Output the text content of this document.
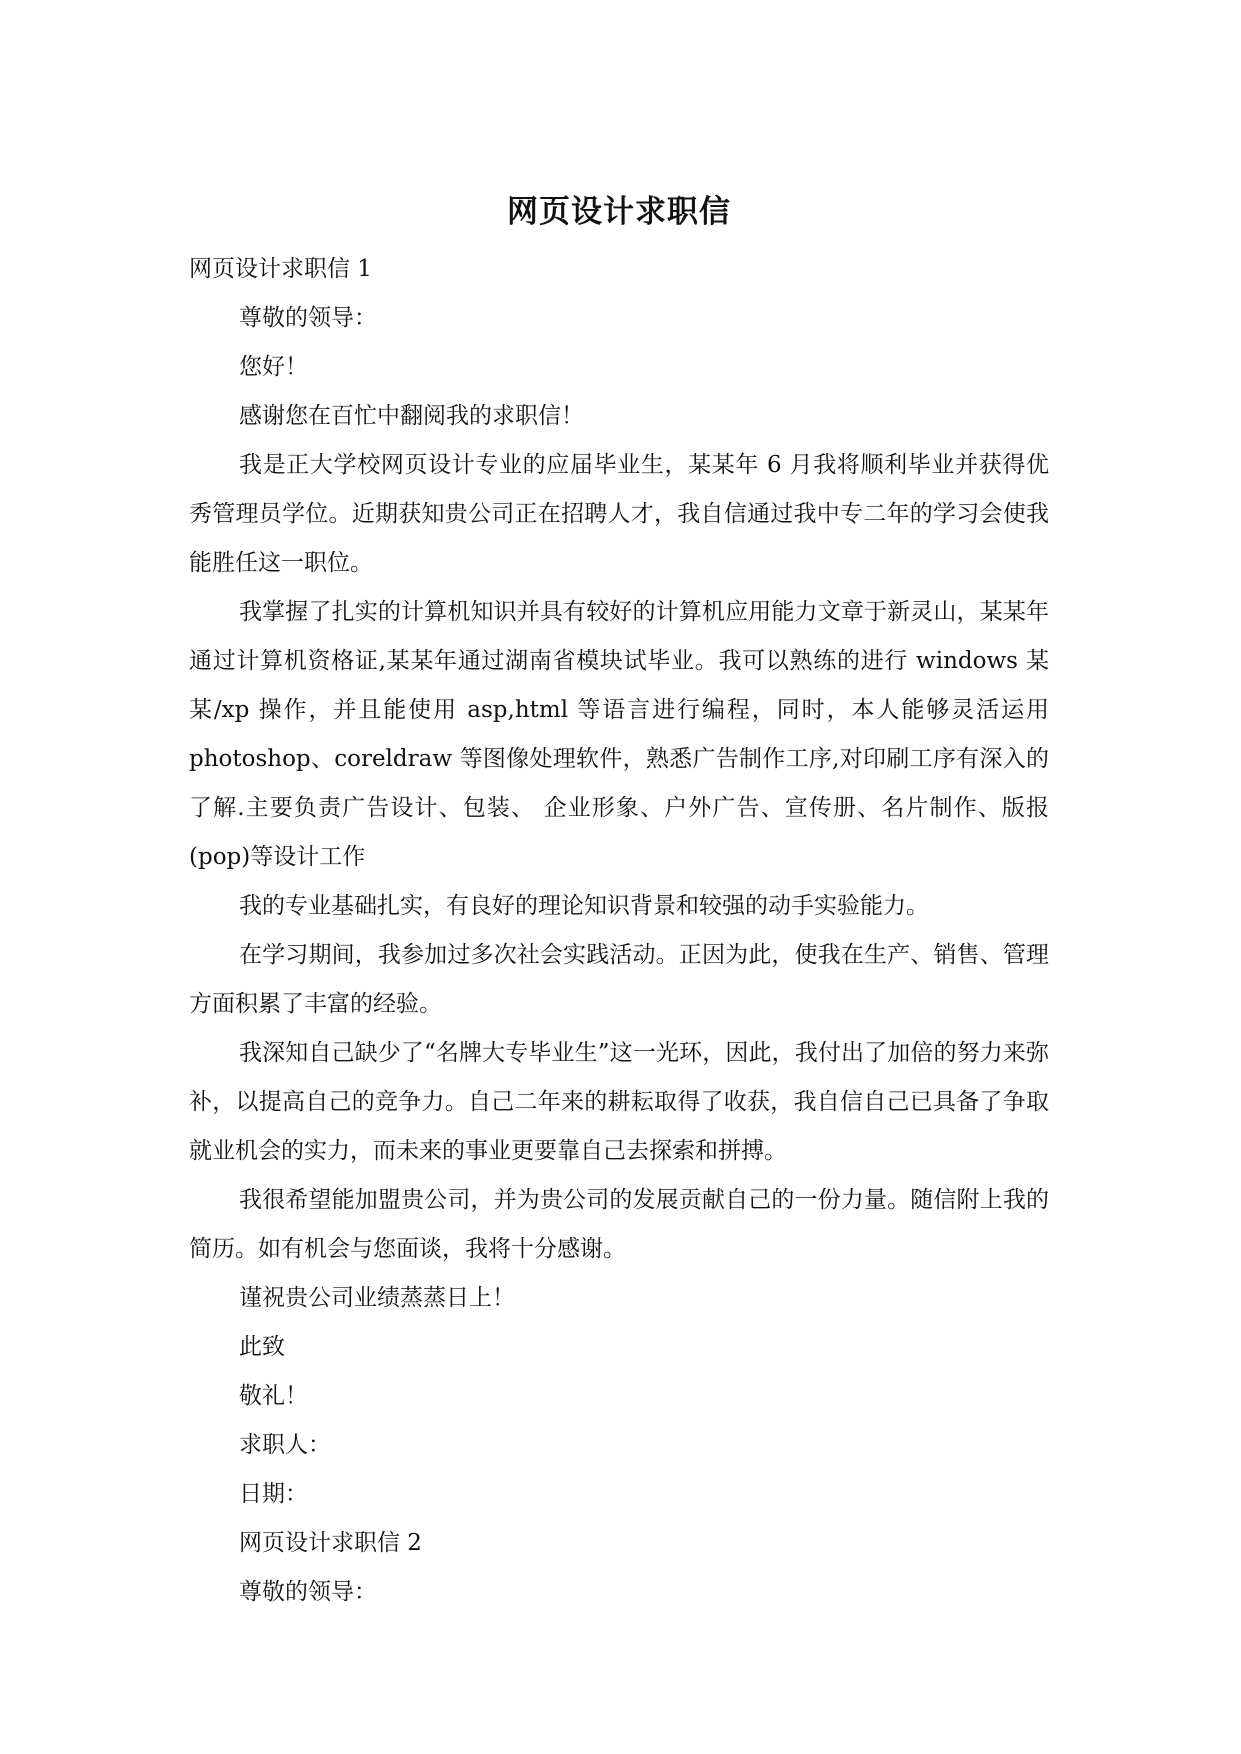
网页设计求职信

网页设计求职信 1

尊敬的领导：

您好！

感谢您在百忙中翻阅我的求职信！

我是正大学校网页设计专业的应届毕业生，某某年 6 月我将顺利毕业并获得优秀管理员学位。近期获知贵公司正在招聘人才，我自信通过我中专二年的学习会使我能胜任这一职位。

我掌握了扎实的计算机知识并具有较好的计算机应用能力文章于新灵山，某某年通过计算机资格证,某某年通过湖南省模块试毕业。我可以熟练的进行 windows 某某/xp 操作，并且能使用 asp,html 等语言进行编程，同时，本人能够灵活运用 photoshop、coreldraw 等图像处理软件，熟悉广告制作工序,对印刷工序有深入的了解.主要负责广告设计、包装、 企业形象、户外广告、宣传册、名片制作、版报(pop)等设计工作

我的专业基础扎实，有良好的理论知识背景和较强的动手实验能力。

在学习期间，我参加过多次社会实践活动。正因为此，使我在生产、销售、管理方面积累了丰富的经验。

我深知自己缺少了“名牌大专毕业生”这一光环，因此，我付出了加倍的努力来弥补，以提高自己的竞争力。自己二年来的耕耘取得了收获，我自信自己已具备了争取就业机会的实力，而未来的事业更要靠自己去探索和拼搏。

我很希望能加盟贵公司，并为贵公司的发展贡献自己的一份力量。随信附上我的简历。如有机会与您面谈，我将十分感谢。

谨祝贵公司业绩蒸蒸日上！

此致

敬礼！

求职人：

日期：

网页设计求职信 2

尊敬的领导：
